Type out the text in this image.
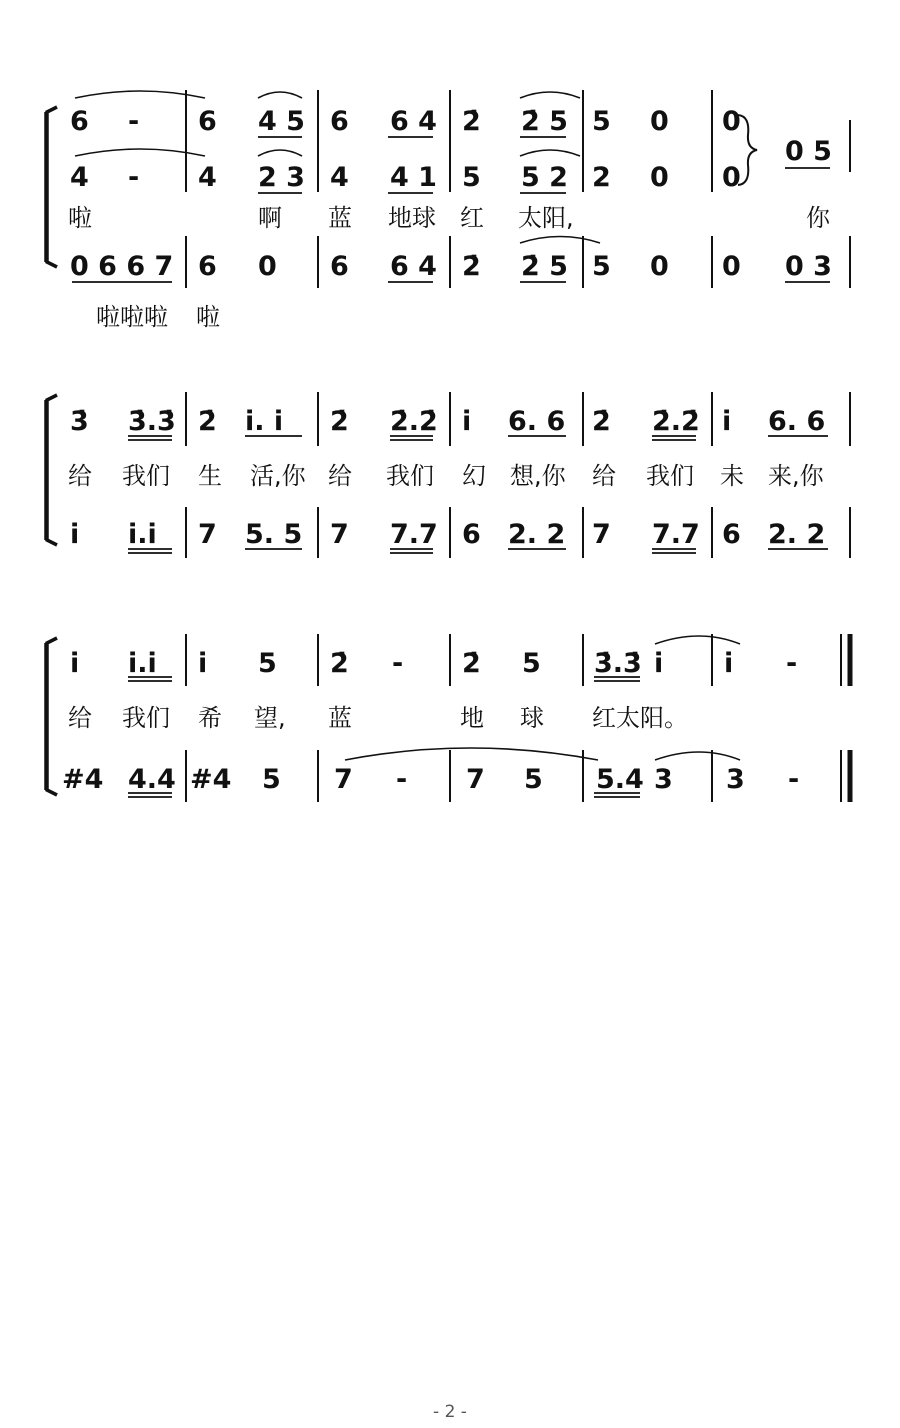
6 - 6 4 5 6 6 4 2̇ 2̇ 5 5 0 0
4 - 4 2 3 4 4 1 5 5 2 2 0 0
0 5
啦	啊 蓝 地球 红 太阳,	你
0 6 6 7 6 0 6 6 4 2̇ 2̇ 5 5 0 0 0 3
啦啦啦 啦
3̇ 3̇.3̇ 2̇ i. i 2̇ 2̇.2̇ i 6. 6 2̇ 2̇.2̇ i 6. 6
给 我们 生 活,你 给 我们 幻 想,你 给 我们 未 来,你
i i.i 7 5. 5 7 7.7 6 2. 2 7 7.7 6 2. 2
i i.i i 5 2̇ - 2̇ 5 3̇.3̇ i i -
给 我们 希 望, 蓝	地 球 红太阳。
#4 4.4 #4 5 7 - 7 5 5.4 3 3 -
- 2 -
